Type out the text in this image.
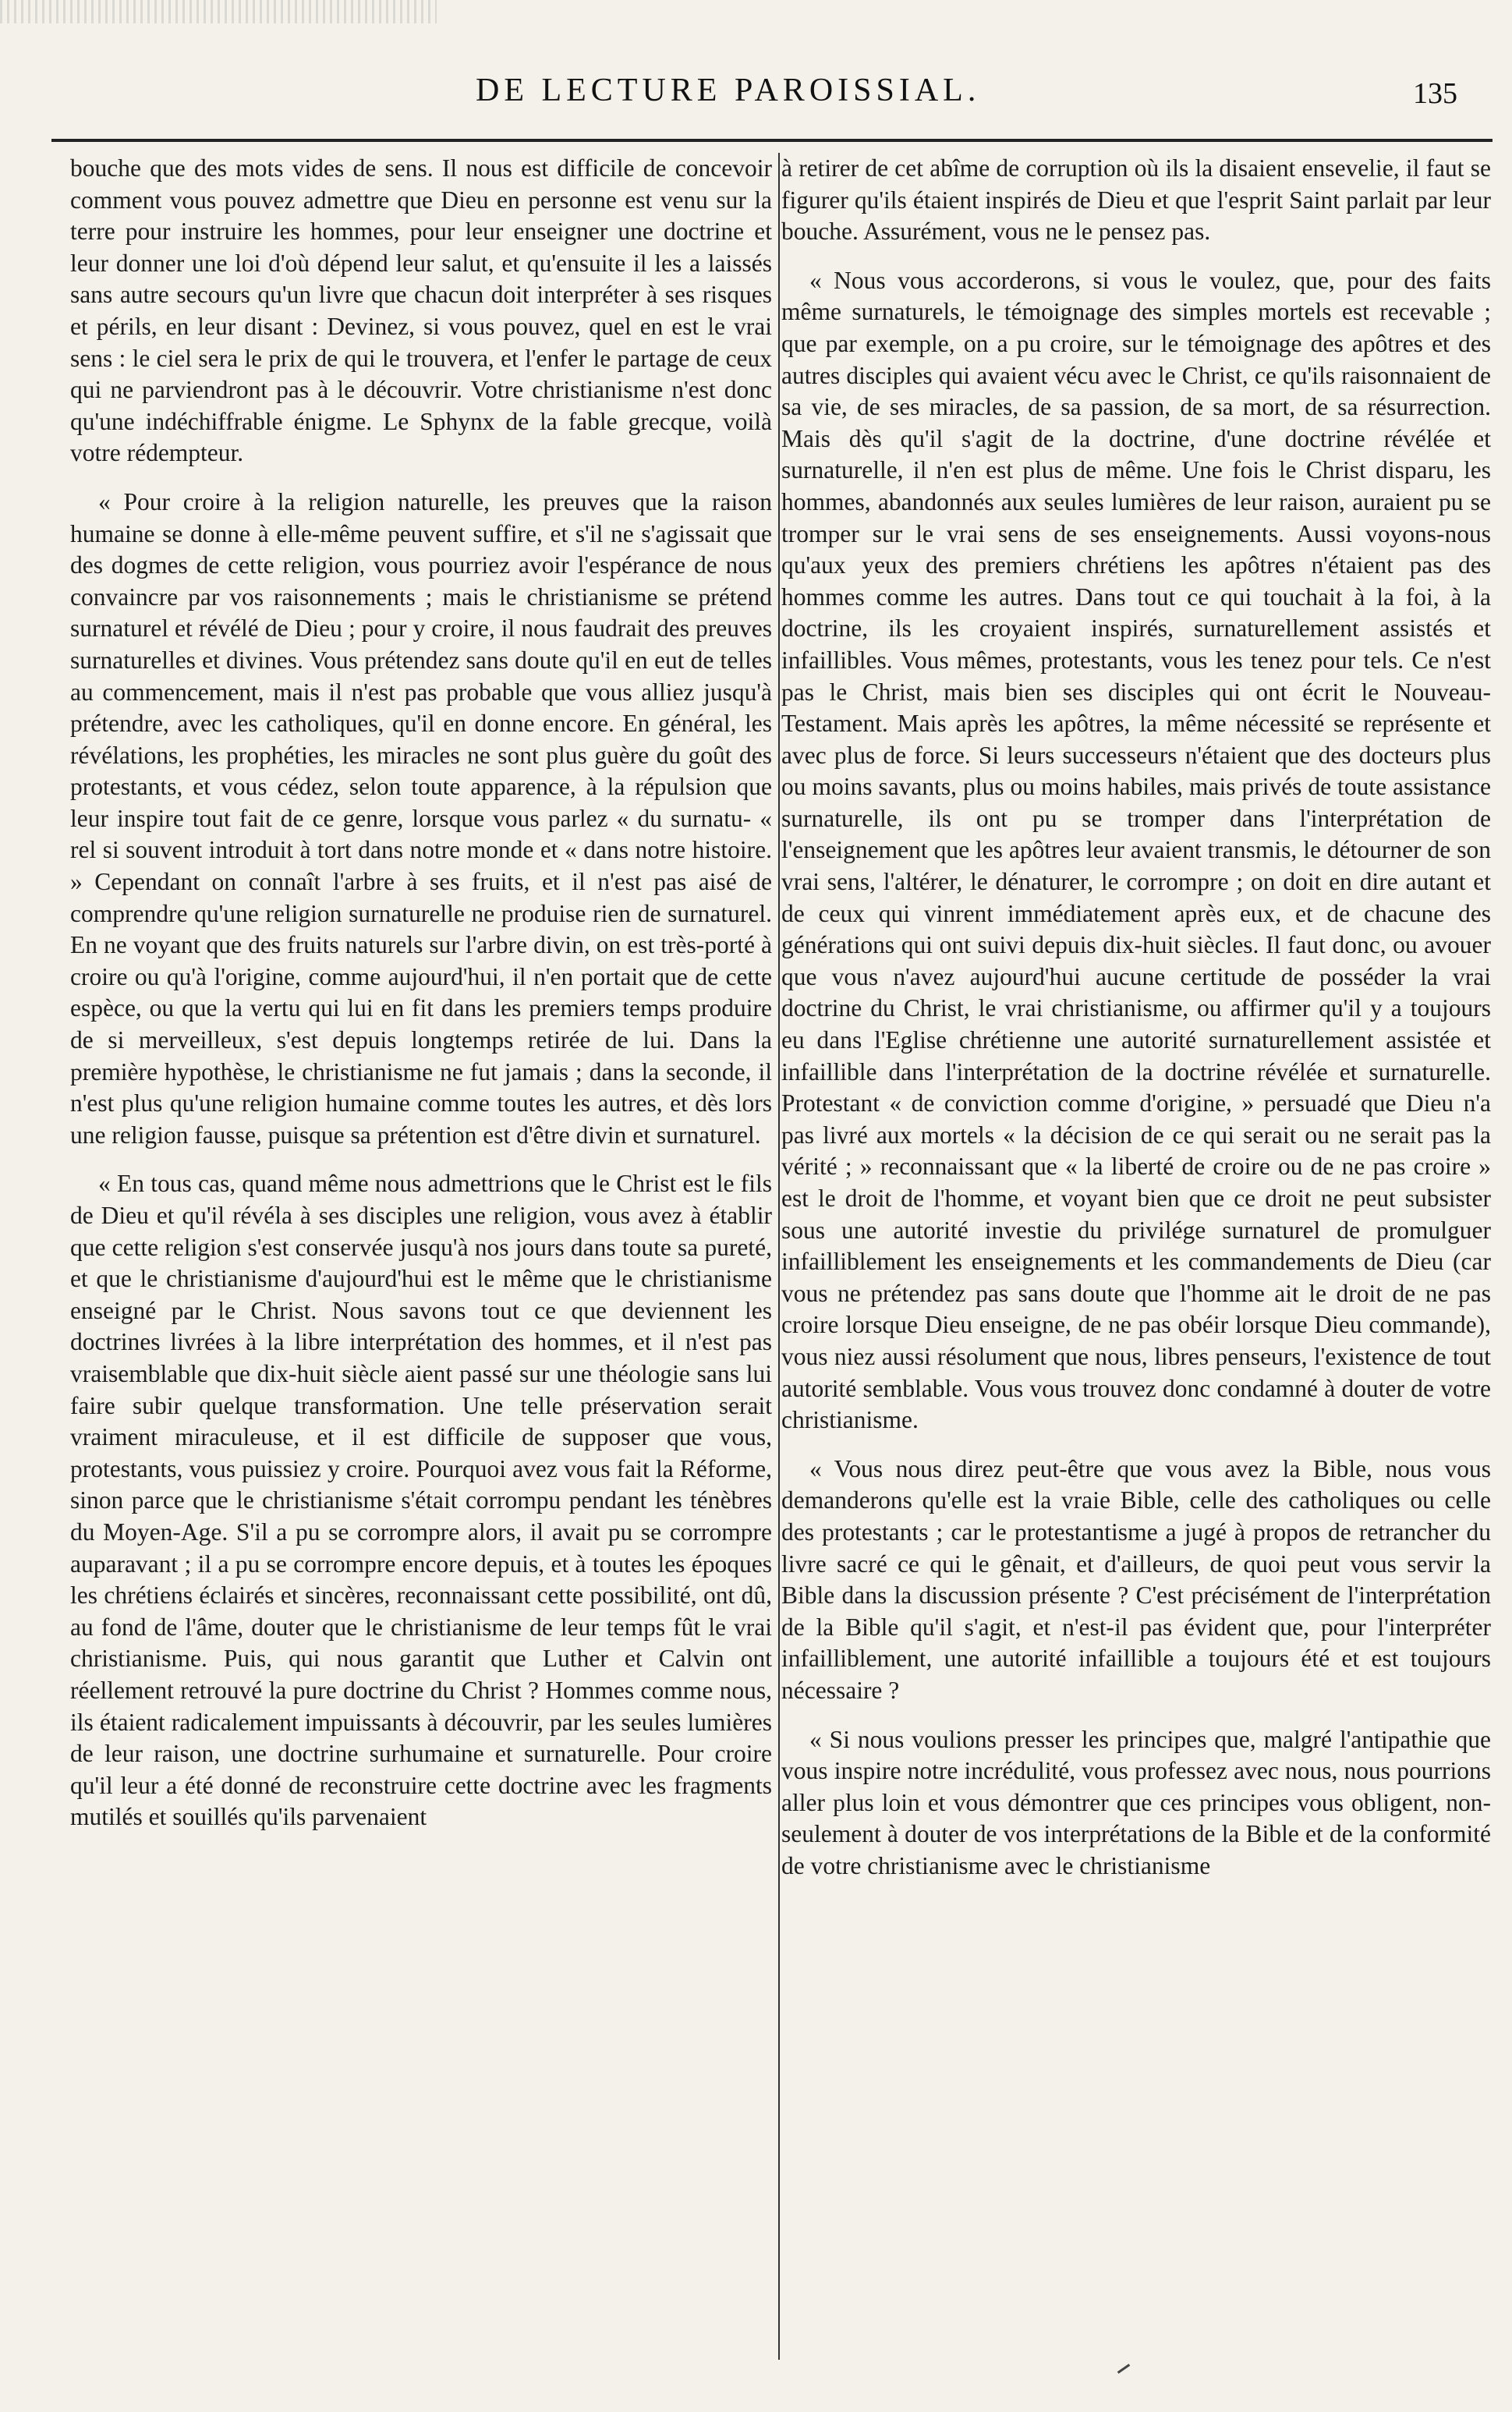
DE LECTURE PAROISSIAL.	135

bouche que des mots vides de sens. Il nous est difficile de concevoir comment vous pouvez admettre que Dieu en personne est venu sur la terre pour instruire les hommes, pour leur enseigner une doctrine et leur donner une loi d'où dépend leur salut, et qu'ensuite il les a laissés sans autre secours qu'un livre que chacun doit interpréter à ses risques et périls, en leur disant : Devinez, si vous pouvez, quel en est le vrai sens : le ciel sera le prix de qui le trouvera, et l'enfer le partage de ceux qui ne parviendront pas à le découvrir. Votre christianisme n'est donc qu'une indéchiffrable énigme. Le Sphynx de la fable grecque, voilà votre rédempteur.

« Pour croire à la religion naturelle, les preuves que la raison humaine se donne à elle-même peuvent suffire, et s'il ne s'agissait que des dogmes de cette religion, vous pourriez avoir l'espérance de nous convaincre par vos raisonnements ; mais le christianisme se prétend surnaturel et révélé de Dieu ; pour y croire, il nous faudrait des preuves surnaturelles et divines. Vous prétendez sans doute qu'il en eut de telles au commencement, mais il n'est pas probable que vous alliez jusqu'à prétendre, avec les catholiques, qu'il en donne encore. En général, les révélations, les prophéties, les miracles ne sont plus guère du goût des protestants, et vous cédez, selon toute apparence, à la répulsion que leur inspire tout fait de ce genre, lorsque vous parlez « du surnatu- « rel si souvent introduit à tort dans notre monde et « dans notre histoire. » Cependant on connaît l'arbre à ses fruits, et il n'est pas aisé de comprendre qu'une religion surnaturelle ne produise rien de surnaturel. En ne voyant que des fruits naturels sur l'arbre divin, on est très-porté à croire ou qu'à l'origine, comme aujourd'hui, il n'en portait que de cette espèce, ou que la vertu qui lui en fit dans les premiers temps produire de si merveilleux, s'est depuis longtemps retirée de lui. Dans la première hypothèse, le christianisme ne fut jamais ; dans la seconde, il n'est plus qu'une religion humaine comme toutes les autres, et dès lors une religion fausse, puisque sa prétention est d'être divin et surnaturel.

« En tous cas, quand même nous admettrions que le Christ est le fils de Dieu et qu'il révéla à ses disciples une religion, vous avez à établir que cette religion s'est conservée jusqu'à nos jours dans toute sa pureté, et que le christianisme d'aujourd'hui est le même que le christianisme enseigné par le Christ. Nous savons tout ce que deviennent les doctrines livrées à la libre interprétation des hommes, et il n'est pas vraisemblable que dix-huit siècle aient passé sur une théologie sans lui faire subir quelque transformation. Une telle préservation serait vraiment miraculeuse, et il est difficile de supposer que vous, protestants, vous puissiez y croire. Pourquoi avez vous fait la Réforme, sinon parce que le christianisme s'était corrompu pendant les ténèbres du Moyen-Age. S'il a pu se corrompre alors, il avait pu se corrompre auparavant ; il a pu se corrompre encore depuis, et à toutes les époques les chrétiens éclairés et sincères, reconnaissant cette possibilité, ont dû, au fond de l'âme, douter que le christianisme de leur temps fût le vrai christianisme. Puis, qui nous garantit que Luther et Calvin ont réellement retrouvé la pure doctrine du Christ ? Hommes comme nous, ils étaient radicalement impuissants à découvrir, par les seules lumières de leur raison, une doctrine surhumaine et surnaturelle. Pour croire qu'il leur a été donné de reconstruire cette doctrine avec les fragments mutilés et souillés qu'ils parvenaient

à retirer de cet abîme de corruption où ils la disaient ensevelie, il faut se figurer qu'ils étaient inspirés de Dieu et que l'esprit Saint parlait par leur bouche. Assurément, vous ne le pensez pas.

« Nous vous accorderons, si vous le voulez, que, pour des faits même surnaturels, le témoignage des simples mortels est recevable ; que par exemple, on a pu croire, sur le témoignage des apôtres et des autres disciples qui avaient vécu avec le Christ, ce qu'ils raisonnaient de sa vie, de ses miracles, de sa passion, de sa mort, de sa résurrection. Mais dès qu'il s'agit de la doctrine, d'une doctrine révélée et surnaturelle, il n'en est plus de même. Une fois le Christ disparu, les hommes, abandonnés aux seules lumières de leur raison, auraient pu se tromper sur le vrai sens de ses enseignements. Aussi voyons-nous qu'aux yeux des premiers chrétiens les apôtres n'étaient pas des hommes comme les autres. Dans tout ce qui touchait à la foi, à la doctrine, ils les croyaient inspirés, surnaturellement assistés et infaillibles. Vous mêmes, protestants, vous les tenez pour tels. Ce n'est pas le Christ, mais bien ses disciples qui ont écrit le Nouveau-Testament. Mais après les apôtres, la même nécessité se représente et avec plus de force. Si leurs successeurs n'étaient que des docteurs plus ou moins savants, plus ou moins habiles, mais privés de toute assistance surnaturelle, ils ont pu se tromper dans l'interprétation de l'enseignement que les apôtres leur avaient transmis, le détourner de son vrai sens, l'altérer, le dénaturer, le corrompre ; on doit en dire autant et de ceux qui vinrent immédiatement après eux, et de chacune des générations qui ont suivi depuis dix-huit siècles. Il faut donc, ou avouer que vous n'avez aujourd'hui aucune certitude de posséder la vrai doctrine du Christ, le vrai christianisme, ou affirmer qu'il y a toujours eu dans l'Eglise chrétienne une autorité surnaturellement assistée et infaillible dans l'interprétation de la doctrine révélée et surnaturelle. Protestant « de conviction comme d'origine, » persuadé que Dieu n'a pas livré aux mortels « la décision de ce qui serait ou ne serait pas la vérité ; » reconnaissant que « la liberté de croire ou de ne pas croire » est le droit de l'homme, et voyant bien que ce droit ne peut subsister sous une autorité investie du privilége surnaturel de promulguer infailliblement les enseignements et les commandements de Dieu (car vous ne prétendez pas sans doute que l'homme ait le droit de ne pas croire lorsque Dieu enseigne, de ne pas obéir lorsque Dieu commande), vous niez aussi résolument que nous, libres penseurs, l'existence de tout autorité semblable. Vous vous trouvez donc condamné à douter de votre christianisme.

« Vous nous direz peut-être que vous avez la Bible, nous vous demanderons qu'elle est la vraie Bible, celle des catholiques ou celle des protestants ; car le protestantisme a jugé à propos de retrancher du livre sacré ce qui le gênait, et d'ailleurs, de quoi peut vous servir la Bible dans la discussion présente ? C'est précisément de l'interprétation de la Bible qu'il s'agit, et n'est-il pas évident que, pour l'interpréter infailliblement, une autorité infaillible a toujours été et est toujours nécessaire ?

« Si nous voulions presser les principes que, malgré l'antipathie que vous inspire notre incrédulité, vous professez avec nous, nous pourrions aller plus loin et vous démontrer que ces principes vous obligent, non-seulement à douter de vos interprétations de la Bible et de la conformité de votre christianisme avec le christianisme
